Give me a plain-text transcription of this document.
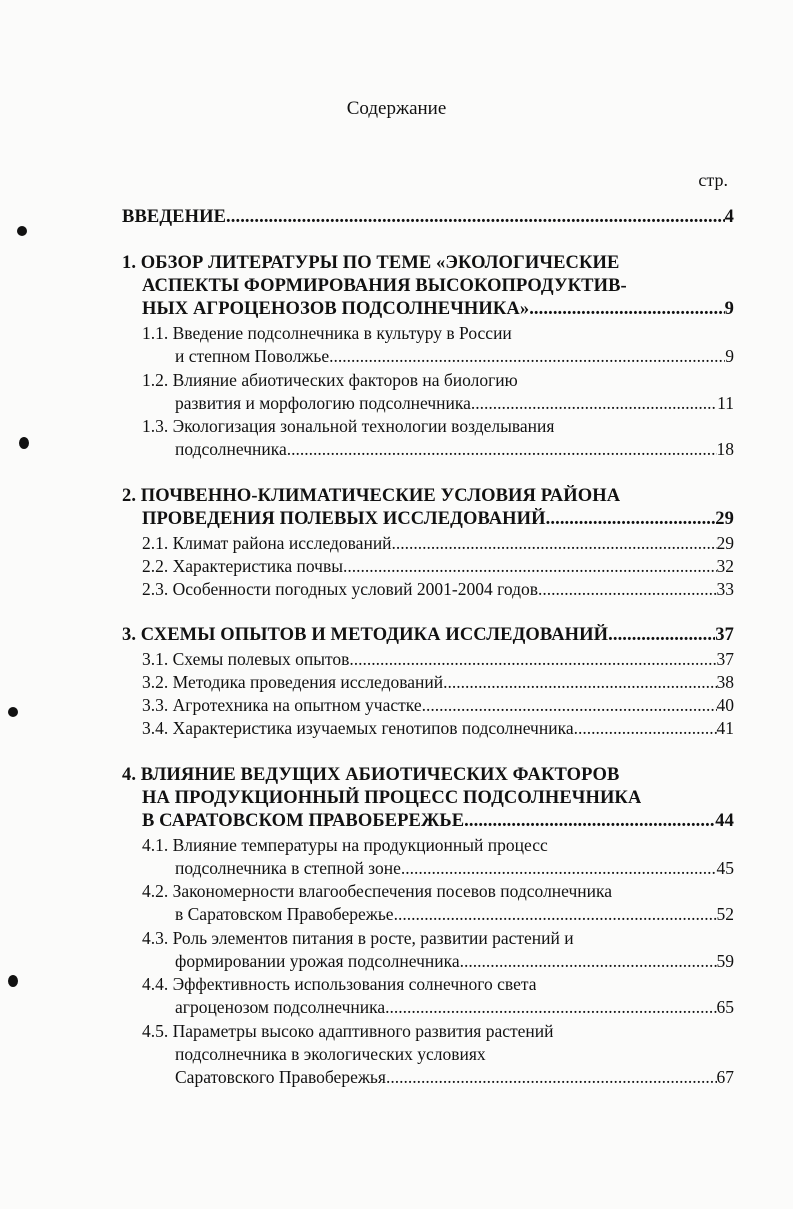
Содержание
стр.
ВВЕДЕНИЕ .....	4
1. ОБЗОР ЛИТЕРАТУРЫ ПО ТЕМЕ «ЭКОЛОГИЧЕСКИЕ
АСПЕКТЫ ФОРМИРОВАНИЯ ВЫСОКОПРОДУКТИВ-
НЫХ АГРОЦЕНОЗОВ ПОДСОЛНЕЧНИКА» .....	9
1.1. Введение подсолнечника в культуру в России
и степном Поволжье .....	9
1.2. Влияние абиотических факторов на биологию
развития и морфологию подсолнечника .....	11
1.3. Экологизация зональной технологии возделывания
подсолнечника .....	18
2. ПОЧВЕННО-КЛИМАТИЧЕСКИЕ УСЛОВИЯ РАЙОНА
ПРОВЕДЕНИЯ ПОЛЕВЫХ ИССЛЕДОВАНИЙ .....	29
2.1. Климат района исследований .....	29
2.2. Характеристика почвы .....	32
2.3. Особенности погодных условий 2001-2004 годов .....	33
3. СХЕМЫ ОПЫТОВ И МЕТОДИКА ИССЛЕДОВАНИЙ .....	37
3.1. Схемы полевых опытов .....	37
3.2. Методика проведения исследований .....	38
3.3. Агротехника на опытном участке .....	40
3.4. Характеристика изучаемых генотипов подсолнечника .....	41
4. ВЛИЯНИЕ ВЕДУЩИХ АБИОТИЧЕСКИХ ФАКТОРОВ
НА ПРОДУКЦИОННЫЙ ПРОЦЕСС ПОДСОЛНЕЧНИКА
В САРАТОВСКОМ ПРАВОБЕРЕЖЬЕ .....	44
4.1. Влияние температуры на продукционный процесс
подсолнечника в степной зоне .....	45
4.2. Закономерности влагообеспечения посевов подсолнечника
в Саратовском Правобережье .....	52
4.3. Роль элементов питания в росте, развитии растений и
формировании урожая подсолнечника .....	59
4.4. Эффективность использования солнечного света
агроценозом подсолнечника .....	65
4.5. Параметры высоко адаптивного развития растений
подсолнечника в экологических условиях
Саратовского Правобережья .....	67
